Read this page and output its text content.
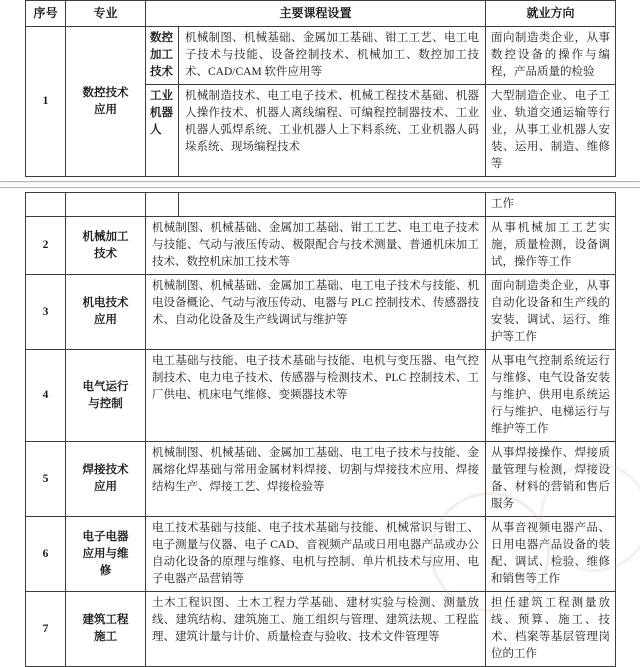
序号	专业	主要课程设置		就业方向
1	数控技术应用	数控加工技术	机械制图、机械基础、金属加工基础、钳工工艺、电工电子技术与技能、设备控制技术、机械加工、数控加工技术、CAD/CAM 软件应用等	面向制造类企业，从事数控设备的操作与编程，产品质量的检验
		工业机器人	机械制造技术、电工电子技术、机械工程技术基础、机器人操作技术、机器人离线编程、可编程控制器技术、工业机器人弧焊系统、工业机器人上下料系统、工业机器人码垛系统、现场编程技术	大型制造企业、电子工业、轨道交通运输等行业，从事工业机器人安装、运用、制造、维修等
				工作
2	机械加工技术	机械制图、机械基础、金属加工基础、钳工工艺、电工电子技术与技能、气动与液压传动、极限配合与技术测量、普通机床加工技术、数控机床加工技术等		从事机械加工工艺实施，质量检测，设备调试，操作等工作
3	机电技术应用	机械制图、机械基础、金属加工基础、电工电子技术与技能、机电设备概论、气动与液压传动、电器与 PLC 控制技术、传感器技术、自动化设备及生产线调试与维护等		面向制造类企业，从事自动化设备和生产线的安装、调试、运行、维护等工作
4	电气运行与控制	电工基础与技能、电子技术基础与技能、电机与变压器、电气控制技术、电力电子技术、传感器与检测技术、PLC 控制技术、工厂供电、机床电气维修、变频器技术等		从事电气控制系统运行与维修、电气设备安装与维护、供用电系统运行与维护、电梯运行与维护等工作
5	焊接技术应用	机械制图、机械基础、金属加工基础、电工电子技术与技能、金属熔化焊基础与常用金属材料焊接、切割与焊接技术应用、焊接结构生产、焊接工艺、焊接检验等		从事焊接操作、焊接质量管理与检测，焊接设备、材料的营销和售后服务
6	电子电器应用与维修	电工技术基础与技能、电子技术基础与技能、机械常识与钳工、电子测量与仪器、电子 CAD、音视频产品或日用电器产品或办公自动化设备的原理与维修、电机与控制、单片机技术与应用、电子电器产品营销等		从事音视频电器产品、日用电器产品设备的装配、调试、检验、维修和销售等工作
7	建筑工程施工	土木工程识图、土木工程力学基础、建材实验与检测、测量放线、建筑结构、建筑施工、施工组织与管理、建筑法规、工程监理、建筑计量与计价、质量检查与验收、技术文件管理等		担任建筑工程测量放线、预算、施工、技术、档案等基层管理岗位的工作
